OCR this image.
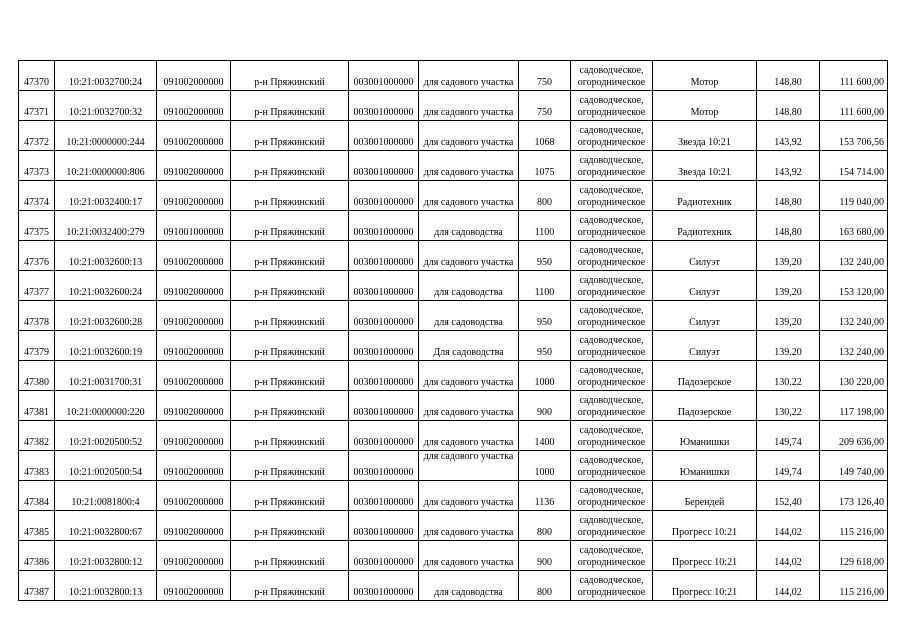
47370	10:21:0032700:24	091002000000	р-н Пряжинский	003001000000	для садового участка	750	садоводческое,
огородническое	Мотор	148.80	111 600,00
47371	10:21:0032700:32	091002000000	р-н Пряжинский	003001000000	для садового участка	750	садоводческое,
огородническое	Мотор	148.80	111 600,00
47372	10:21:0000000:244	091002000000	р-н Пряжинский	003001000000	для садового участка	1068	садоводческое,
огородническое	Звезда 10:21	143,92	153 706,56
47373	10:21:0000000:806	091002000000	р-н Пряжинский	003001000000	для садового участка	1075	садоводческое,
огородническое	Звезда 10:21	143,92	154 714.00
47374	10:21:0032400:17	091002000000	р-н Пряжинский	003001000000	для садового участка	800	садоводческое,
огородническое	Радиотехник	148,80	119 040,00
47375	10:21:0032400:279	091001000000	р-н Пряжинский	003001000000	для садоводства	1100	садоводческое,
огородническое	Радиотехник	148,80	163 680,00
47376	10:21:0032600:13	091002000000	р-н Пряжинский	003001000000	для садового участка	950	садоводческое,
огородническое	Силуэт	139,20	132 240,00
47377	10:21:0032600:24	091002000000	р-н Пряжинский	003001000000	для садоводства	1100	садоводческое,
огородническое	Силуэт	139,20	153 120,00
47378	10:21:0032600:28	091002000000	р-н Пряжинский	003001000000	для садоводства	950	садоводческое,
огородническое	Силуэт	139,20	132 240,00
47379	10:21:0032600:19	091002000000	р-н Пряжинский	003001000000	Для садоводства	950	садоводческое,
огородническое	Силуэт	139.20	132 240,00
47380	10:21:0031700:31	091002000000	р-н Пряжинский	003001000000	для садового участка	1000	садоводческое,
огородническое	Падозерское	130.22	130 220,00
47381	10:21:0000000:220	091002000000	р-н Пряжинский	003001000000	для садового участка	900	садоводческое,
огородническое	Падозерское	130,22	117 198,00
47382	10:21:0020500:52	091002000000	р-н Пряжинский	003001000000	для садового участка	1400	садоводческое,
огородническое	Юманишки	149,74	209 636,00
47383	10:21:0020500:54	091002000000	р-н Пряжинский	003001000000	для садового участка	1000	садоводческое,
огородническое	Юманишки	149,74	149 740,00
47384	10:21:0081800:4	091002000000	р-н Пряжинский	003001000000	для садового участка	1136	садоводческое,
огородническое	Берендей	152,40	173 126,40
47385	10:21:0032800:67	091002000000	р-н Пряжинский	003001000000	для садового участка	800	садоводческое,
огородническое	Прогресс 10:21	144,02	115 216,00
47386	10:21:0032800:12	091002000000	р-н Пряжинский	003001000000	для садового участка	900	садоводческое,
огородническое	Прогресс 10:21	144,02	129 618,00
47387	10:21:0032800:13	091002000000	р-н Пряжинский	003001000000	для садоводства	800	садоводческое,
огородническое	Прогресс 10:21	144,02	115 216,00
